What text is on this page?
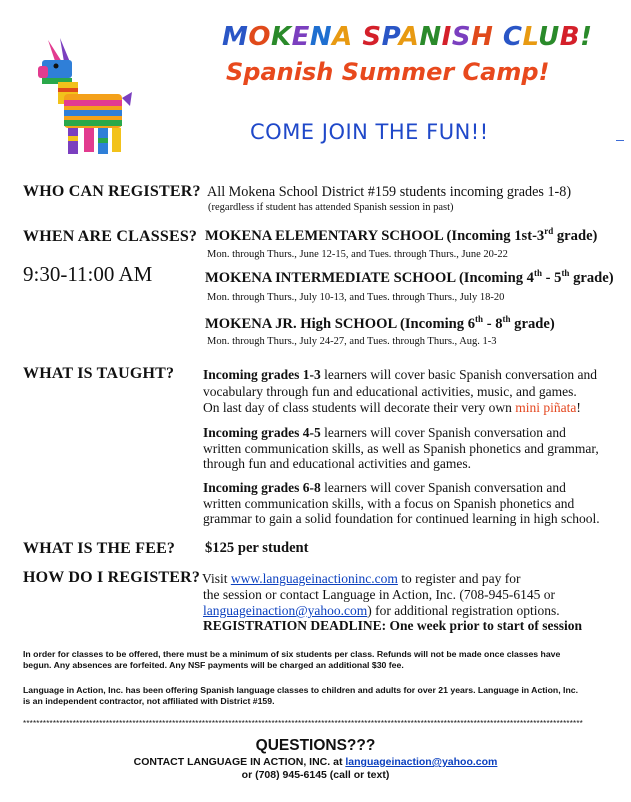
MOKENA SPANISH CLUB!
Spanish Summer Camp!
COME JOIN THE FUN!!
WHO CAN REGISTER? All Mokena School District #159 students incoming grades 1-8)
(regardless if student has attended Spanish session in past)
WHEN ARE CLASSES?
9:30-11:00 AM
MOKENA ELEMENTARY SCHOOL (Incoming 1st-3rd grade)
Mon. through Thurs., June 12-15, and Tues. through Thurs., June 20-22
MOKENA INTERMEDIATE SCHOOL (Incoming 4th - 5th grade)
Mon. through Thurs., July 10-13, and Tues. through Thurs., July 18-20
MOKENA JR. High SCHOOL (Incoming 6th - 8th grade)
Mon. through Thurs., July 24-27, and Tues. through Thurs., Aug. 1-3
WHAT IS TAUGHT? Incoming grades 1-3 learners will cover basic Spanish conversation and
vocabulary through fun and educational activities, music, and games.
On last day of class students will decorate their very own mini piñata!
Incoming grades 4-5 learners will cover Spanish conversation and
written communication skills, as well as Spanish phonetics and grammar,
through fun and educational activities and games.
Incoming grades 6-8 learners will cover Spanish conversation and
written communication skills, with a focus on Spanish phonetics and
grammar to gain a solid foundation for continued learning in high school.
WHAT IS THE FEE? $125 per student
HOW DO I REGISTER? Visit www.languageinactioninc.com to register and pay for
the session or contact Language in Action, Inc. (708-945-6145 or
languageinaction@yahoo.com) for additional registration options.
REGISTRATION DEADLINE: One week prior to start of session
In order for classes to be offered, there must be a minimum of six students per class. Refunds will not be made once classes have
begun. Any absences are forfeited. Any NSF payments will be charged an additional $30 fee.
Language in Action, Inc. has been offering Spanish language classes to children and adults for over 21 years. Language in Action, Inc.
is an independent contractor, not affiliated with District #159.
*************************************************************************************************************************************************************************
QUESTIONS???
CONTACT LANGUAGE IN ACTION, INC. at languageinaction@yahoo.com
or (708) 945-6145 (call or text)
